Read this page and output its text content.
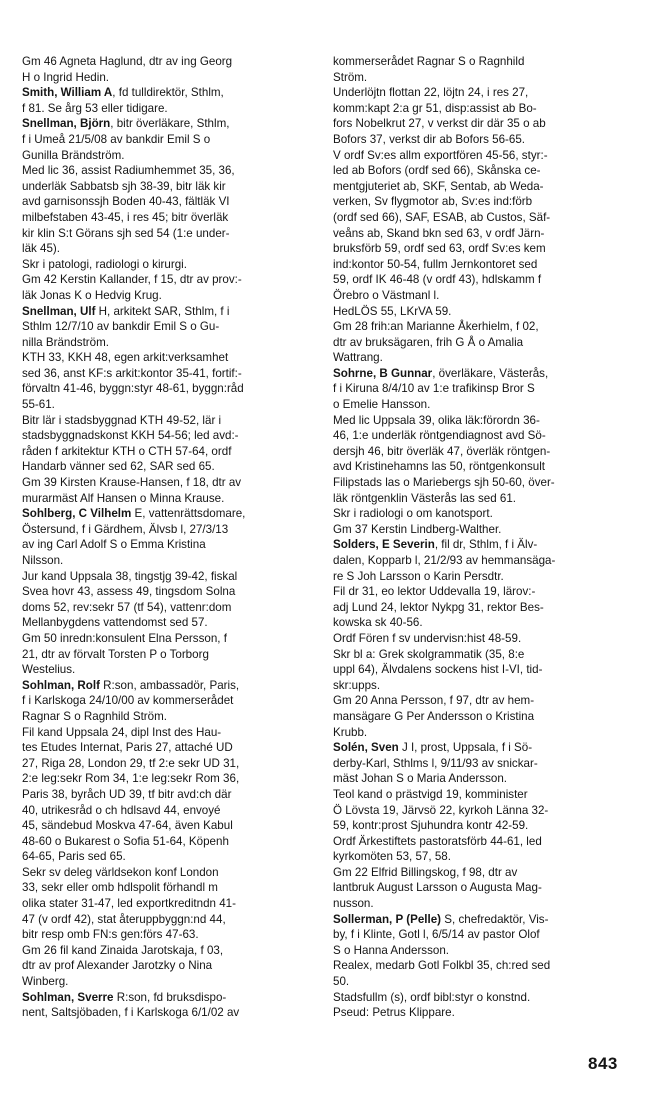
Gm 46 Agneta Haglund, dtr av ing Georg
H o Ingrid Hedin.
Smith, William A, fd tulldirektör, Sthlm,
f 81. Se årg 53 eller tidigare.
Snellman, Björn, bitr överläkare, Sthlm,
f i Umeå 21/5/08 av bankdir Emil S o
Gunilla Brändström.
Med lic 36, assist Radiumhemmet 35, 36,
underläk Sabbatsb sjh 38-39, bitr läk kir
avd garnisonssjh Boden 40-43, fältläk VI
milbefstaben 43-45, i res 45; bitr överläk
kir klin S:t Görans sjh sed 54 (1:e under-
läk 45).
Skr i patologi, radiologi o kirurgi.
Gm 42 Kerstin Kallander, f 15, dtr av prov:-
läk Jonas K o Hedvig Krug.
Snellman, Ulf H, arkitekt SAR, Sthlm, f i
Sthlm 12/7/10 av bankdir Emil S o Gu-
nilla Brändström.
KTH 33, KKH 48, egen arkit:verksamhet
sed 36, anst KF:s arkit:kontor 35-41, fortif:-
förvaltn 41-46, byggn:styr 48-61, byggn:råd
55-61.
Bitr lär i stadsbyggnad KTH 49-52, lär i
stadsbyggnadskonst KKH 54-56; led avd:-
råden f arkitektur KTH o CTH 57-64, ordf
Handarb vänner sed 62, SAR sed 65.
Gm 39 Kirsten Krause-Hansen, f 18, dtr av
murarmäst Alf Hansen o Minna Krause.
Sohlberg, C Vilhelm E, vattenrättsdomare,
Östersund, f i Gärdhem, Älvsb l, 27/3/13
av ing Carl Adolf S o Emma Kristina
Nilsson.
Jur kand Uppsala 38, tingstjg 39-42, fiskal
Svea hovr 43, assess 49, tingsdom Solna
doms 52, rev:sekr 57 (tf 54), vattenr:dom
Mellanbygdens vattendomst sed 57.
Gm 50 inredn:konsulent Elna Persson, f
21, dtr av förvalt Torsten P o Torborg
Westelius.
Sohlman, Rolf R:son, ambassadör, Paris,
f i Karlskoga 24/10/00 av kommerserådet
Ragnar S o Ragnhild Ström.
Fil kand Uppsala 24, dipl Inst des Hau-
tes Etudes Internat, Paris 27, attaché UD
27, Riga 28, London 29, tf 2:e sekr UD 31,
2:e leg:sekr Rom 34, 1:e leg:sekr Rom 36,
Paris 38, byråch UD 39, tf bitr avd:ch där
40, utrikesråd o ch hdlsavd 44, envoyé
45, sändebud Moskva 47-64, även Kabul
48-60 o Bukarest o Sofia 51-64, Köpenh
64-65, Paris sed 65.
Sekr sv deleg världsekon konf London
33, sekr eller omb hdlspolit förhandl m
olika stater 31-47, led exportkreditndn 41-
47 (v ordf 42), stat återuppbyggn:nd 44,
bitr resp omb FN:s gen:förs 47-63.
Gm 26 fil kand Zinaida Jarotskaja, f 03,
dtr av prof Alexander Jarotzky o Nina
Winberg.
Sohlman, Sverre R:son, fd bruksdispo-
nent, Saltsjöbaden, f i Karlskoga 6/1/02 av
kommerserådet Ragnar S o Ragnhild
Ström.
Underlöjtn flottan 22, löjtn 24, i res 27,
komm:kapt 2:a gr 51, disp:assist ab Bo-
fors Nobelkrut 27, v verkst dir där 35 o ab
Bofors 37, verkst dir ab Bofors 56-65.
V ordf Sv:es allm exportfören 45-56, styr:-
led ab Bofors (ordf sed 66), Skånska ce-
mentgjuteriet ab, SKF, Sentab, ab Weda-
verken, Sv flygmotor ab, Sv:es ind:förb
(ordf sed 66), SAF, ESAB, ab Custos, Säf-
veåns ab, Skand bkn sed 63, v ordf Järn-
bruksförb 59, ordf sed 63, ordf Sv:es kem
ind:kontor 50-54, fullm Jernkontoret sed
59, ordf IK 46-48 (v ordf 43), hdlskamm f
Örebro o Västmanl l.
HedLÖS 55, LKrVA 59.
Gm 28 frih:an Marianne Åkerhielm, f 02,
dtr av bruksägaren, frih G Å o Amalia
Wattrang.
Sohrne, B Gunnar, överläkare, Västerås,
f i Kiruna 8/4/10 av 1:e trafikinsp Bror S
o Emelie Hansson.
Med lic Uppsala 39, olika läk:förordn 36-
46, 1:e underläk röntgendiagnost avd Sö-
dersjh 46, bitr överläk 47, överläk röntgen-
avd Kristinehamns las 50, röntgenkonsult
Filipstads las o Mariebergs sjh 50-60, över-
läk röntgenklin Västerås las sed 61.
Skr i radiologi o om kanotsport.
Gm 37 Kerstin Lindberg-Walther.
Solders, E Severin, fil dr, Sthlm, f i Älv-
dalen, Kopparb l, 21/2/93 av hemmansäga-
re S Joh Larsson o Karin Persdtr.
Fil dr 31, eo lektor Uddevalla 19, lärov:-
adj Lund 24, lektor Nykpg 31, rektor Bes-
kowska sk 40-56.
Ordf Fören f sv undervisn:hist 48-59.
Skr bl a: Grek skolgrammatik (35, 8:e
uppl 64), Älvdalens sockens hist I-VI, tid-
skr:upps.
Gm 20 Anna Persson, f 97, dtr av hem-
mansägare G Per Andersson o Kristina
Krubb.
Solén, Sven J I, prost, Uppsala, f i Sö-
derby-Karl, Sthlms l, 9/11/93 av snickar-
mäst Johan S o Maria Andersson.
Teol kand o prästvigd 19, komminister
Ö Lövsta 19, Järvsö 22, kyrkoh Länna 32-
59, kontr:prost Sjuhundra kontr 42-59.
Ordf Ärkestiftets pastoratsförb 44-61, led
kyrkomöten 53, 57, 58.
Gm 22 Elfrid Billingskog, f 98, dtr av
lantbruk August Larsson o Augusta Mag-
nusson.
Sollerman, P (Pelle) S, chefredaktör, Vis-
by, f i Klinte, Gotl l, 6/5/14 av pastor Olof
S o Hanna Andersson.
Realex, medarb Gotl Folkbl 35, ch:red sed
50.
Stadsfullm (s), ordf bibl:styr o konstnd.
Pseud: Petrus Klippare.
843
